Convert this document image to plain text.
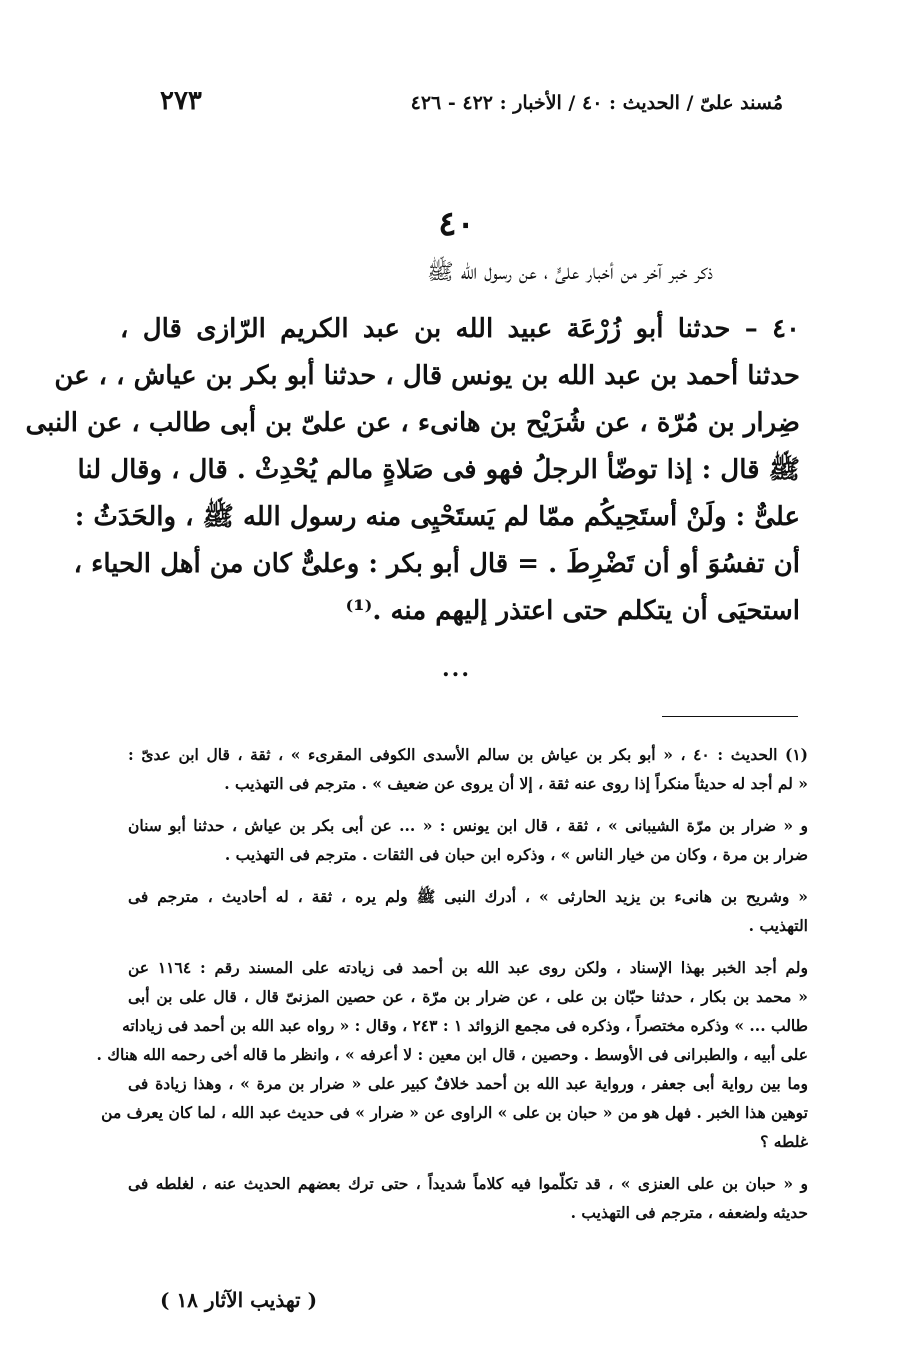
مُسند علىّ / الحديث : ٤٠ / الأخبار : ٤٢٢ - ٤٢٦
٢٧٣
٤٠
ذكر خبر آخر من أخبار علىٍّ ، عن رسول الله ﷺ
٤٠ – حدثنا أبو زُرْعَة عبيد الله بن عبد الكريم الرّازى قال ،
حدثنا أحمد بن عبد الله بن يونس قال ، حدثنا أبو بكر بن عياش ، ، عن
ضِرار بن مُرّة ، عن شُرَيْح بن هانىء ، عن علىّ بن أبى طالب ، عن النبى
ﷺ قال : إذا توضّأ الرجلُ فهو فى صَلاةٍ مالم يُحْدِثْ . قال ، وقال لنا
علىٌّ : ولَنْ أستَحِيكُم ممّا لم يَستَحْيِى منه رسول الله ﷺ ، والحَدَثُ :
أن تفسُوَ أو أن تَضْرِطَ . = قال أبو بكر : وعلىٌّ كان من أهل الحياء ،
استحيَى أن يتكلم حتى اعتذر إليهم منه .⁽¹⁾
...
(١) الحديث : ٤٠ ، « أبو بكر بن عياش بن سالم الأسدى الكوفى المقرىء » ، ثقة ، قال ابن عدىّ :
« لم أجد له حديثاً منكراً إذا روى عنه ثقة ، إلا أن يروى عن ضعيف » . مترجم فى التهذيب .
و « ضرار بن مرّة الشيبانى » ، ثقة ، قال ابن يونس : « ... عن أبى بكر بن عياش ، حدثنا أبو سنان
ضرار بن مرة ، وكان من خيار الناس » ، وذكره ابن حبان فى الثقات . مترجم فى التهذيب .
« وشريح بن هانىء بن يزيد الحارثى » ، أدرك النبى ﷺ ولم يره ، ثقة ، له أحاديث ، مترجم فى
التهذيب .
ولم أجد الخبر بهذا الإسناد ، ولكن روى عبد الله بن أحمد فى زيادته على المسند رقم : ١١٦٤ عن
« محمد بن بكار ، حدثنا حبّان بن على ، عن ضرار بن مرّة ، عن حصين المزنىّ قال ، قال على بن أبى
طالب ... » وذكره مختصراً ، وذكره فى مجمع الزوائد ١ : ٢٤٣ ، وقال : « رواه عبد الله بن أحمد فى زياداته
على أبيه ، والطبرانى فى الأوسط . وحصين ، قال ابن معين : لا أعرفه » ، وانظر ما قاله أخى رحمه الله هناك .
وما بين رواية أبى جعفر ، ورواية عبد الله بن أحمد خلافٌ كبير على « ضرار بن مرة » ، وهذا زيادة فى
توهين هذا الخبر . فهل هو من « حبان بن على » الراوى عن « ضرار » فى حديث عبد الله ، لما كان يعرف من
غلطه ؟
و « حبان بن على العنزى » ، قد تكلّموا فيه كلاماً شديداً ، حتى ترك بعضهم الحديث عنه ، لغلطه فى
حديثه ولضعفه ، مترجم فى التهذيب .
( تهذيب الآثار ١٨ )
